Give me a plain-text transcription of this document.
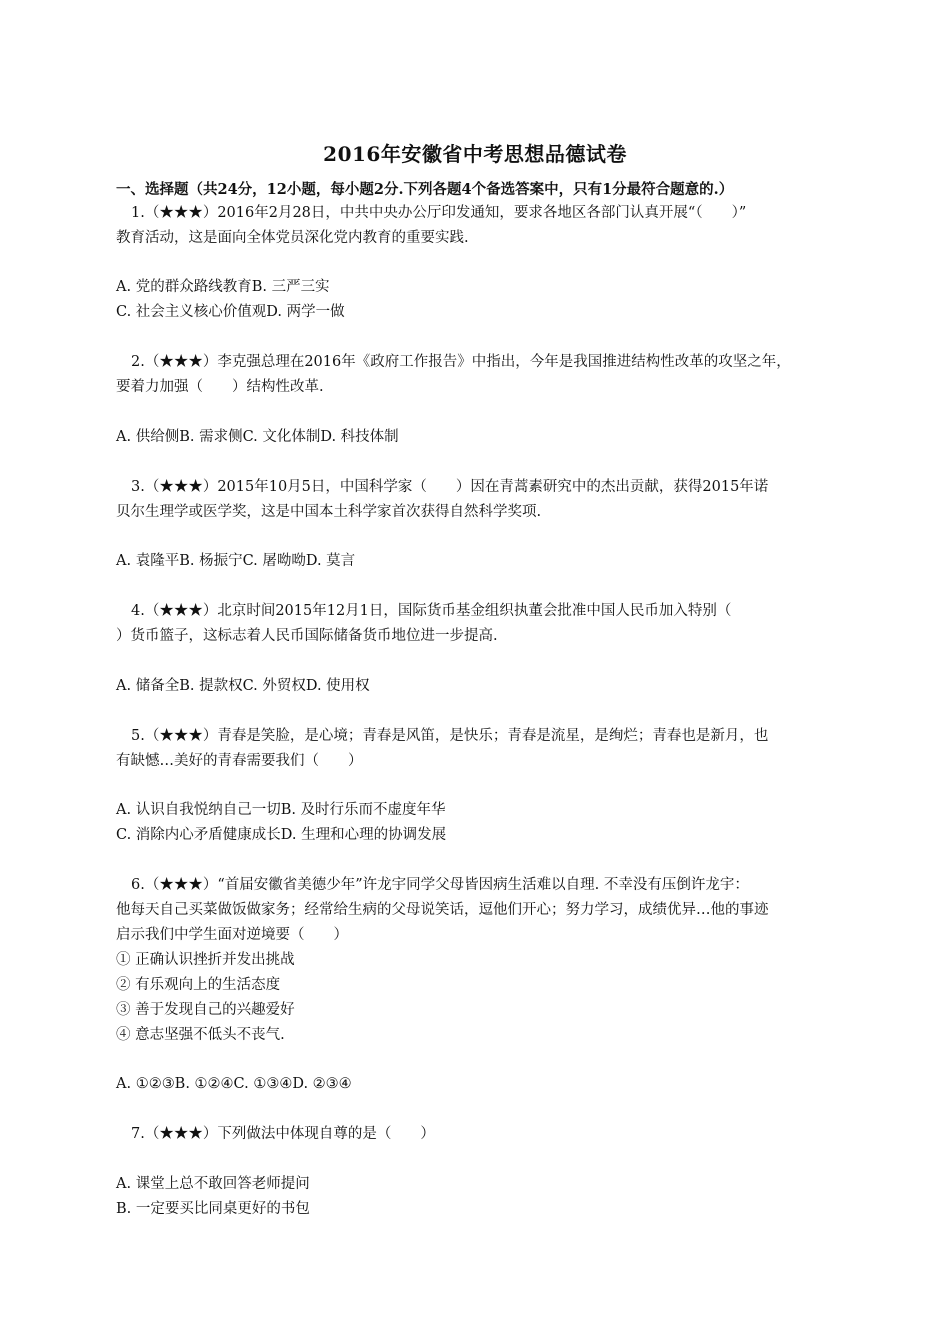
2016年安徽省中考思想品德试卷
一、选择题（共24分，12小题，每小题2分.下列各题4个备选答案中，只有1分最符合题意的.）
1.（★★★）2016年2月28日，中共中央办公厅印发通知，要求各地区各部门认真开展“（　　）”
教育活动，这是面向全体党员深化党内教育的重要实践.
A. 党的群众路线教育B. 三严三实
C. 社会主义核心价值观D. 两学一做
2.（★★★）李克强总理在2016年《政府工作报告》中指出，今年是我国推进结构性改革的攻坚之年，
要着力加强（　　）结构性改革.
A. 供给侧B. 需求侧C. 文化体制D. 科技体制
3.（★★★）2015年10月5日，中国科学家（　　）因在青蒿素研究中的杰出贡献，获得2015年诺
贝尔生理学或医学奖，这是中国本土科学家首次获得自然科学奖项.
A. 袁隆平B. 杨振宁C. 屠呦呦D. 莫言
4.（★★★）北京时间2015年12月1日，国际货币基金组织执董会批准中国人民币加入特别（
）货币篮子，这标志着人民币国际储备货币地位进一步提高.
A. 储备全B. 提款权C. 外贸权D. 使用权
5.（★★★）青春是笑脸，是心境；青春是风笛，是快乐；青春是流星，是绚烂；青春也是新月，也
有缺憾…美好的青春需要我们（　　）
A. 认识自我悦纳自己一切B. 及时行乐而不虚度年华
C. 消除内心矛盾健康成长D. 生理和心理的协调发展
6.（★★★）“首届安徽省美德少年”许龙宇同学父母皆因病生活难以自理. 不幸没有压倒许龙宇：
他每天自己买菜做饭做家务；经常给生病的父母说笑话，逗他们开心；努力学习，成绩优异…他的事迹
启示我们中学生面对逆境要（　　）
① 正确认识挫折并发出挑战
② 有乐观向上的生活态度
③ 善于发现自己的兴趣爱好
④ 意志坚强不低头不丧气.
A. ①②③B. ①②④C. ①③④D. ②③④
7.（★★★）下列做法中体现自尊的是（　　）
A. 课堂上总不敢回答老师提问
B. 一定要买比同桌更好的书包
